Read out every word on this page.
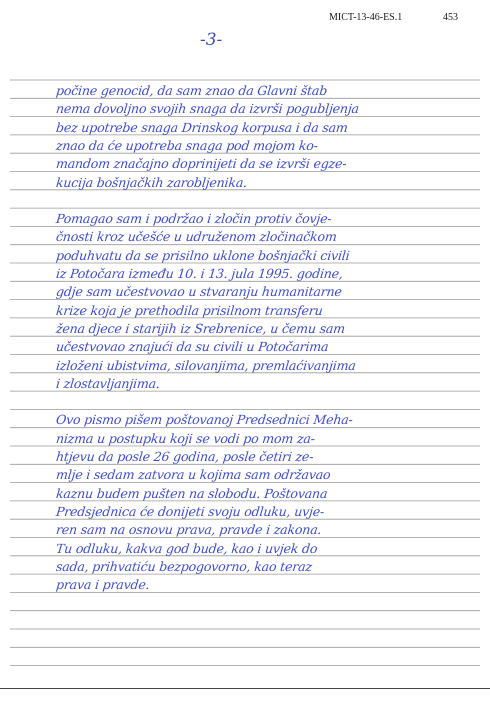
MICT-13-46-ES.1	453
-3-
počine genocid, da sam znao da Glavni štab
nema dovoljno svojih snaga da izvrši pogubljenja
bez upotrebe snaga Drinskog korpusa i da sam
znao da će upotreba snaga pod mojom ko-
mandom značajno doprinijeti da se izvrši egze-
kucija bošnjačkih zarobljenika.
Pomagao sam i podržao i zločin protiv čovje-
čnosti kroz učešće u udruženom zločinačkom
poduhvatu da se prisilno uklone bošnjački civili
iz Potočara između 10. i 13. jula 1995. godine,
gdje sam učestvovao u stvaranju humanitarne
krize koja je prethodila prisilnom transferu
žena djece i starijih iz Srebrenice, u čemu sam
učestvovao znajući da su civili u Potočarima
izloženi ubistvima, silovanjima, premlaćivanjima
i zlostavljanjima.
Ovo pismo pišem poštovanoj Predsednici Meha-
nizma u postupku koji se vodi po mom za-
htjevu da posle 26 godina, posle četiri ze-
mlje i sedam zatvora u kojima sam održavao
kaznu budem pušten na slobodu. Poštovana
Predsjednica će donijeti svoju odluku, uvje-
ren sam na osnovu prava, pravde i zakona.
Tu odluku, kakva god bude, kao i uvjek do
sada, prihvatiću bezpogovorno, kao teraz
prava i pravde.
